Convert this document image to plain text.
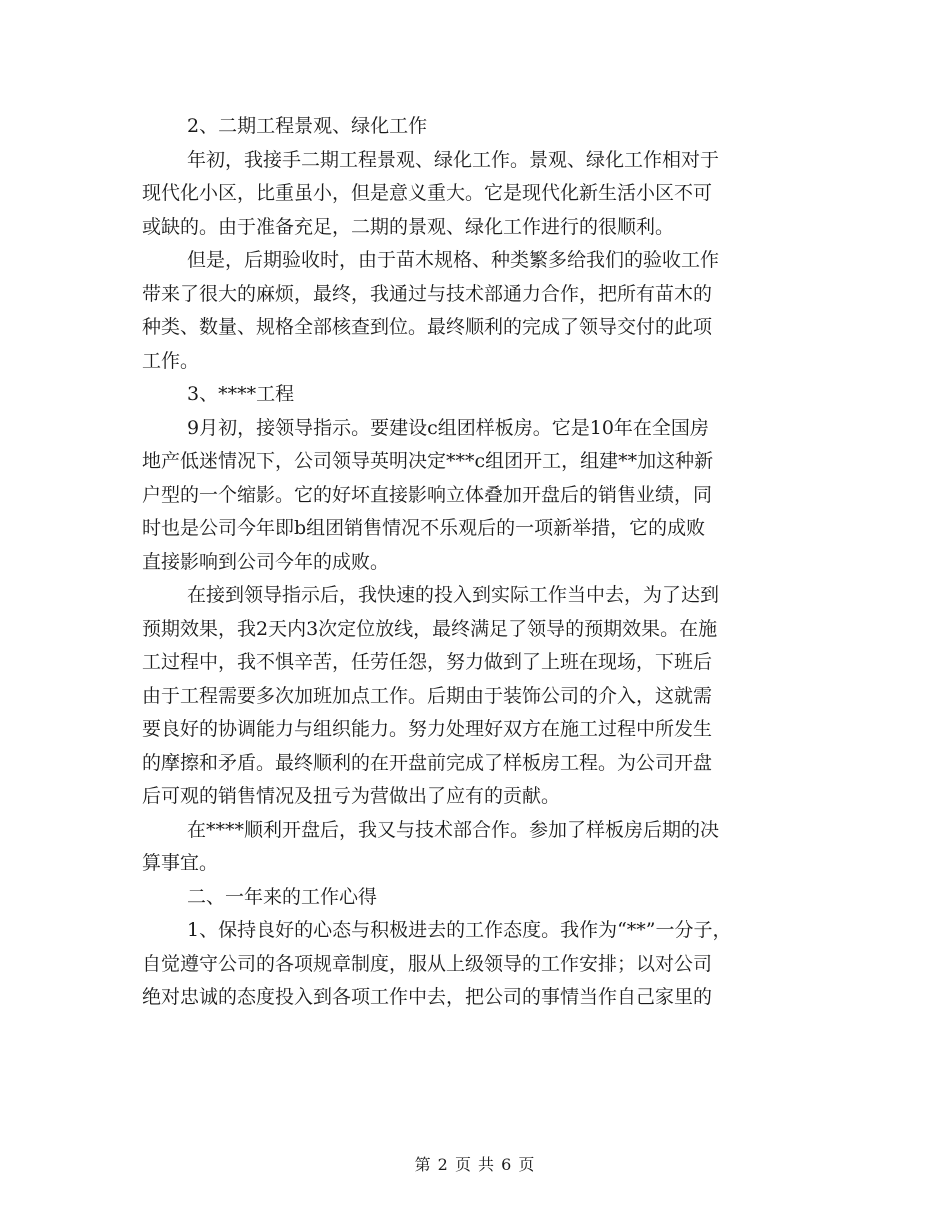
2、二期工程景观、绿化工作
年初，我接手二期工程景观、绿化工作。景观、绿化工作相对于
现代化小区，比重虽小，但是意义重大。它是现代化新生活小区不可
或缺的。由于准备充足，二期的景观、绿化工作进行的很顺利。
但是，后期验收时，由于苗木规格、种类繁多给我们的验收工作
带来了很大的麻烦，最终，我通过与技术部通力合作，把所有苗木的
种类、数量、规格全部核查到位。最终顺利的完成了领导交付的此项
工作。
3、****工程
9月初，接领导指示。要建设c组团样板房。它是10年在全国房
地产低迷情况下，公司领导英明决定***c组团开工，组建**加这种新
户型的一个缩影。它的好坏直接影响立体叠加开盘后的销售业绩，同
时也是公司今年即b组团销售情况不乐观后的一项新举措，它的成败
直接影响到公司今年的成败。
在接到领导指示后，我快速的投入到实际工作当中去，为了达到
预期效果，我2天内3次定位放线，最终满足了领导的预期效果。在施
工过程中，我不惧辛苦，任劳任怨，努力做到了上班在现场，下班后
由于工程需要多次加班加点工作。后期由于装饰公司的介入，这就需
要良好的协调能力与组织能力。努力处理好双方在施工过程中所发生
的摩擦和矛盾。最终顺利的在开盘前完成了样板房工程。为公司开盘
后可观的销售情况及扭亏为营做出了应有的贡献。
在****顺利开盘后，我又与技术部合作。参加了样板房后期的决
算事宜。
二、一年来的工作心得
1、保持良好的心态与积极进去的工作态度。我作为“**”一分子，
自觉遵守公司的各项规章制度，服从上级领导的工作安排；以对公司
绝对忠诚的态度投入到各项工作中去，把公司的事情当作自己家里的
第 2 页 共 6 页
